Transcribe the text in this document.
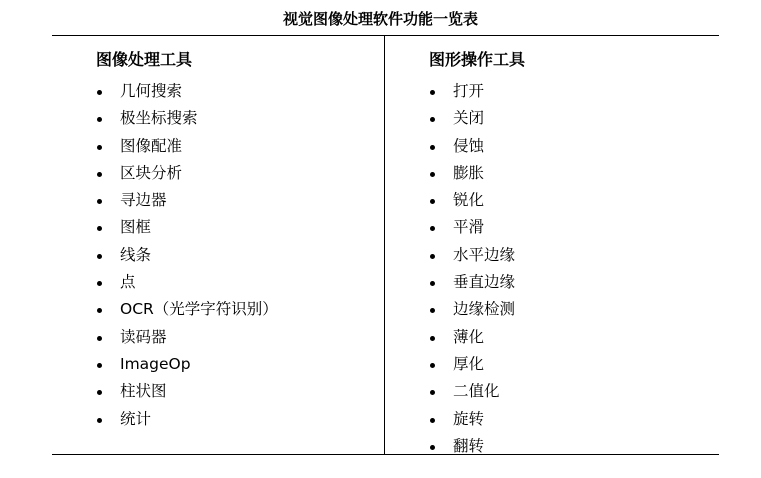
视觉图像处理软件功能一览表
图像处理工具
几何搜索
极坐标搜索
图像配准
区块分析
寻边器
图框
线条
点
OCR（光学字符识别）
读码器
ImageOp
柱状图
统计
图形操作工具
打开
关闭
侵蚀
膨胀
锐化
平滑
水平边缘
垂直边缘
边缘检测
薄化
厚化
二值化
旋转
翻转
